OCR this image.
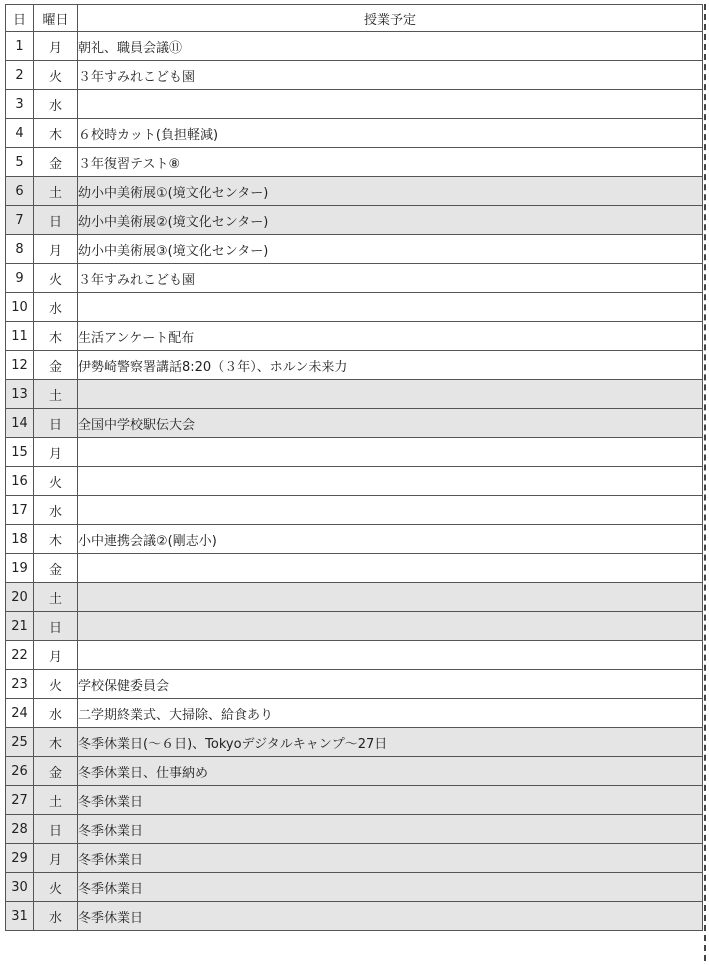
日	曜日	授業予定
1	月	朝礼、職員会議⑪
2	火	３年すみれこども園
3	水	
4	木	６校時カット(負担軽減)
5	金	３年復習テスト⑧
6	土	幼小中美術展①(境文化センター)
7	日	幼小中美術展②(境文化センター)
8	月	幼小中美術展③(境文化センター)
9	火	３年すみれこども園
10	水	
11	木	生活アンケート配布
12	金	伊勢崎警察署講話8:20（３年）、ホルン未来力
13	土	
14	日	全国中学校駅伝大会
15	月	
16	火	
17	水	
18	木	小中連携会議②(剛志小)
19	金	
20	土	
21	日	
22	月	
23	火	学校保健委員会
24	水	二学期終業式、大掃除、給食あり
25	木	冬季休業日(～６日)、Tokyoデジタルキャンプ～27日
26	金	冬季休業日、仕事納め
27	土	冬季休業日
28	日	冬季休業日
29	月	冬季休業日
30	火	冬季休業日
31	水	冬季休業日
